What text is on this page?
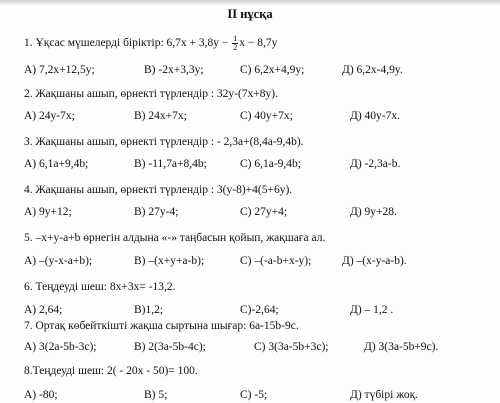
II нұсқа
1. Ұқсас мүшелерді біріктір: $6,7x + 3,8y - \frac{1}{2}$ x − 8,7y
А) 7,2x+12,5y;	В) -2x+3,3y;	С) 6,2x+4,9y;	Д) 6,2x-4,9y.
2. Жақшаны ашып, өрнекті түрлендір : 32y-(7x+8y).
А) 24y-7x;	В) 24x+7x;	С) 40y+7x;	Д) 40y-7x.
3. Жақшаны ашып, өрнекті түрлендір : - 2,3a+(8,4a-9,4b).
А) 6,1a+9,4b;	В) -11,7a+8,4b;	С) 6,1a-9,4b;	Д) -2,3a-b.
4. Жақшаны ашып, өрнекті түрлендір : 3(y-8)+4(5+6y).
А) 9y+12;	В) 27y-4;	С) 27y+4;	Д) 9y+28.
5. –x+y-a+b өрнегін алдына «-» таңбасын қойып, жақшаға ал.
А) –(y-x-a+b);	В) –(x+y+a-b);	С) –(-a-b+x-y);	Д) –(x-y-a-b).
6. Теңдеуді шеш: 8x+3x= -13,2.
А) 2,64;	В)1,2;	С)-2,64;	Д) – 1,2 .
7. Ортақ көбейткішті жақша сыртына шығар: 6a-15b-9c.
А) 3(2a-5b-3c);	В) 2(3a-5b-4c);	С) 3(3a-5b+3c);	Д) 3(3a-5b+9c).
8.Теңдеуді шеш: 2( - 20x - 50)= 100.
А) -80;	В) 5;	С) -5;	Д) түбірі жоқ.
